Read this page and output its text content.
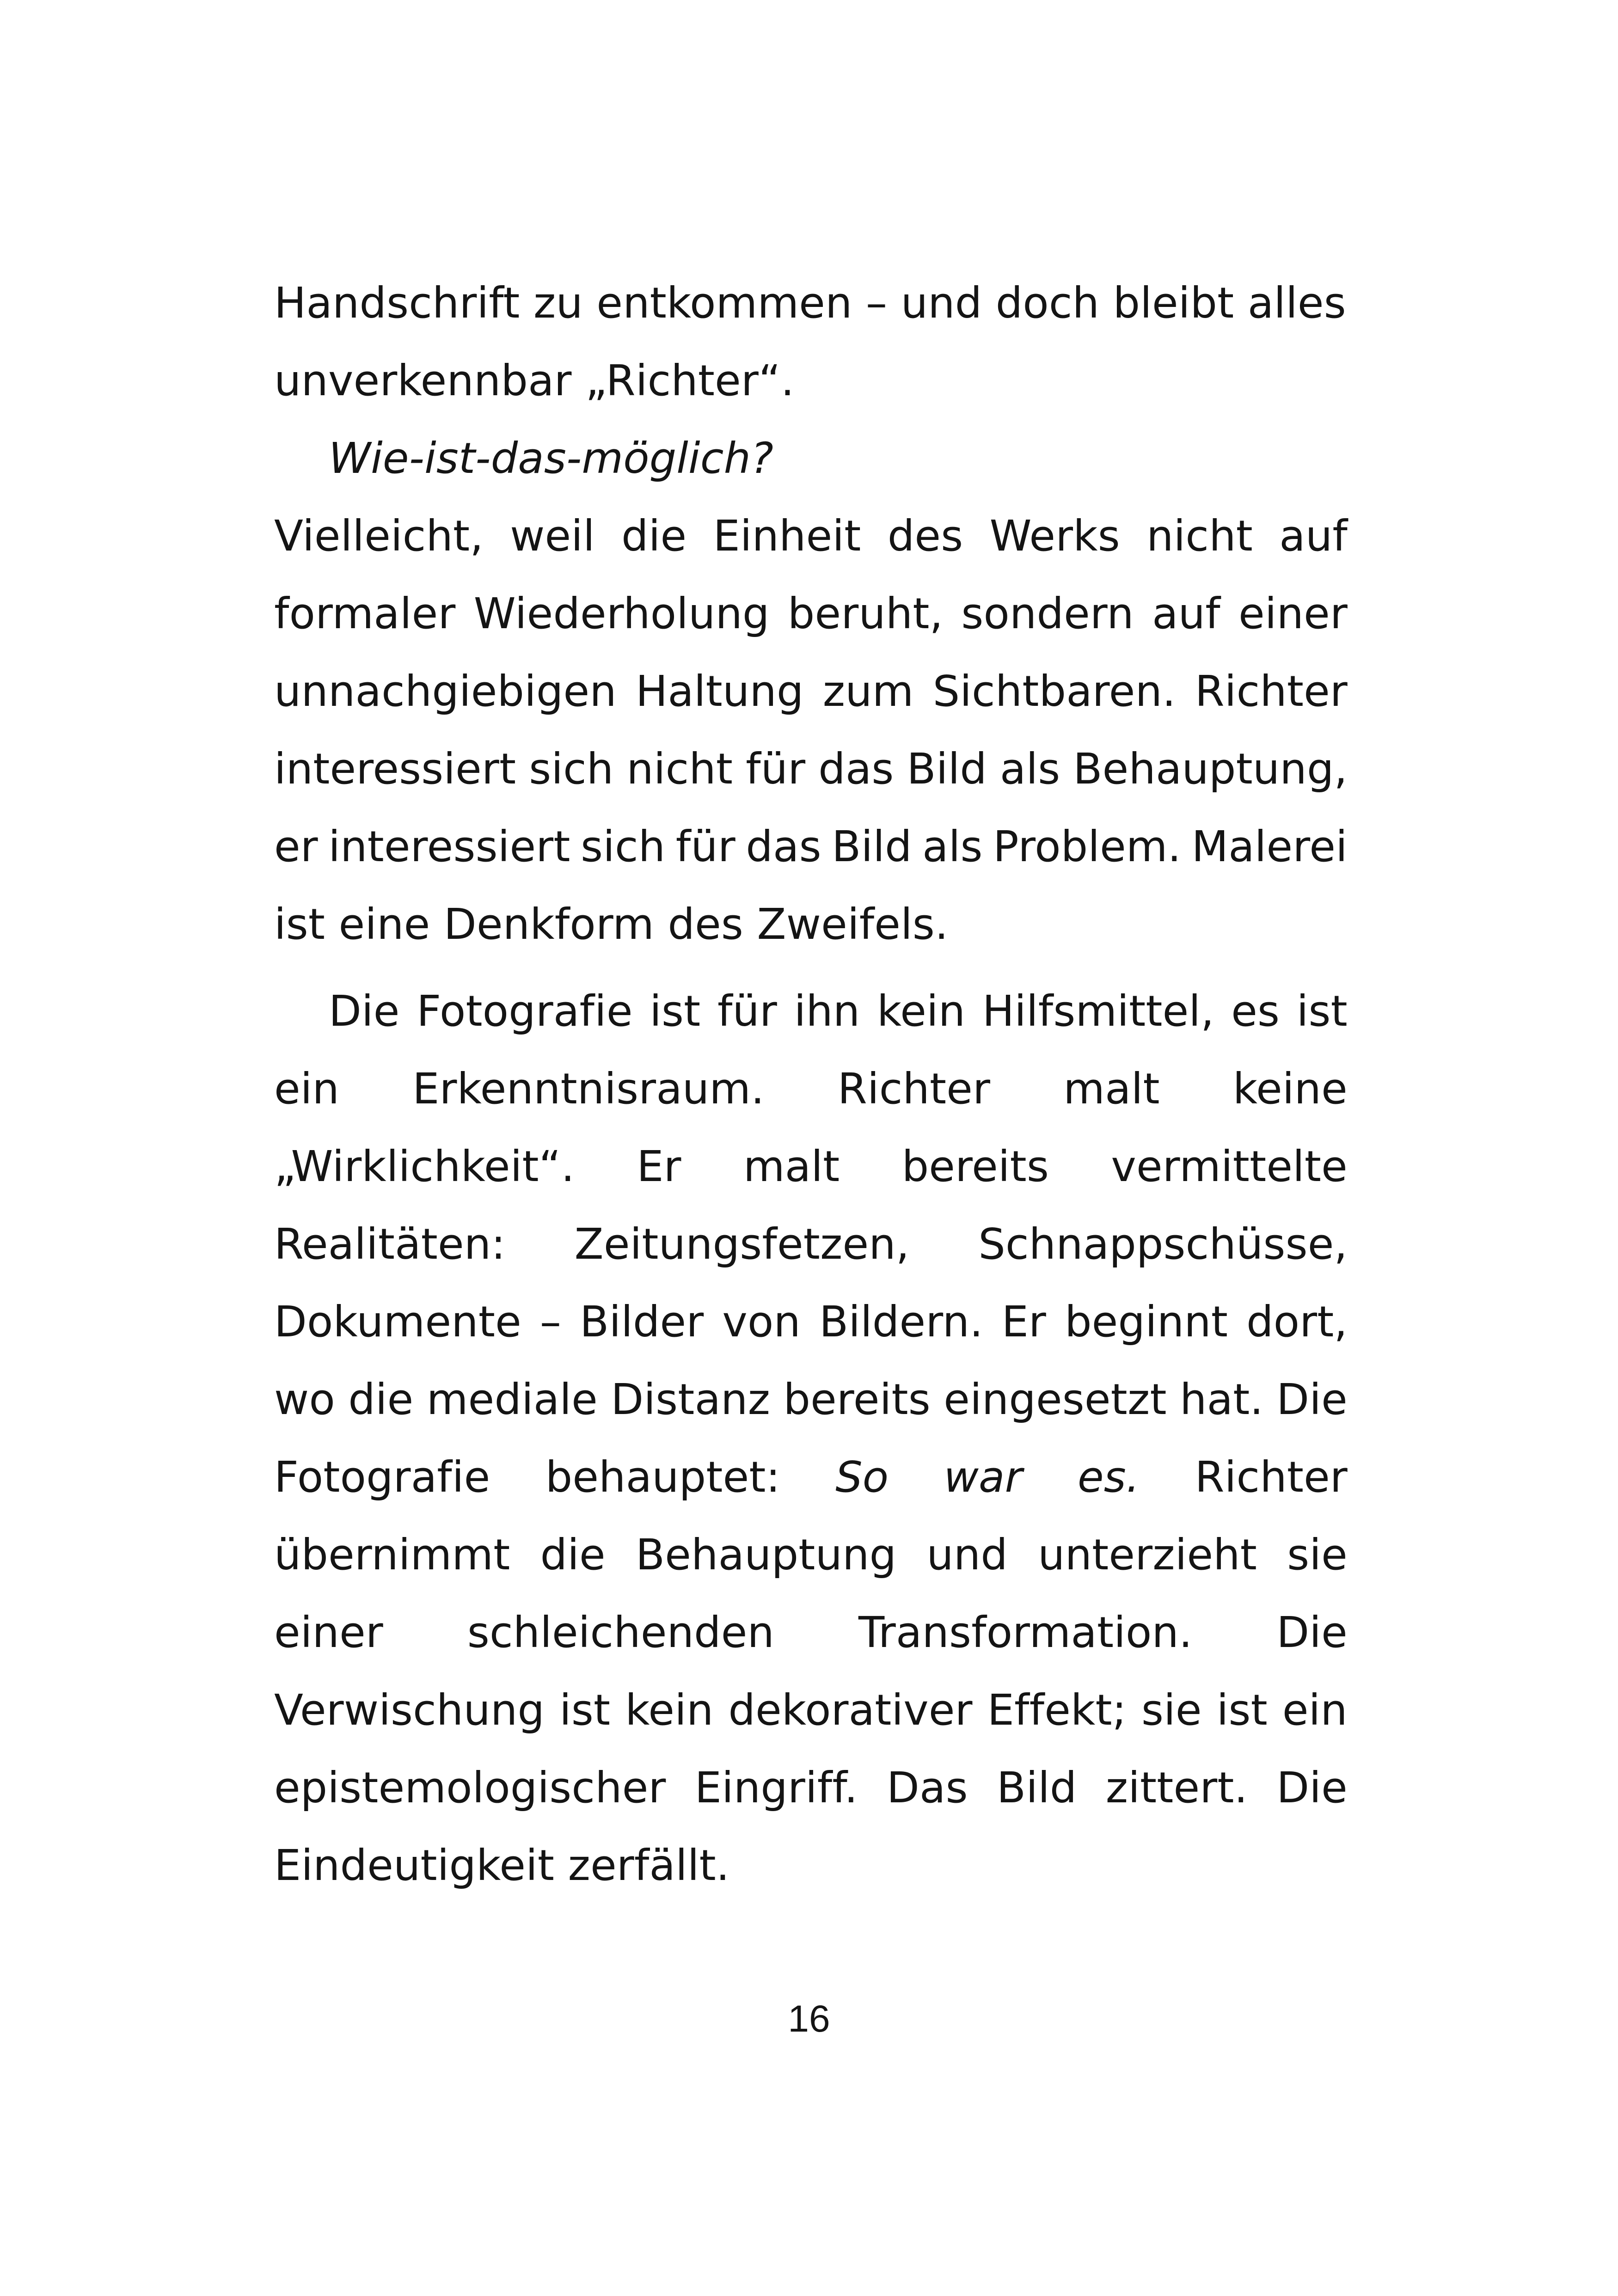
Handschrift zu entkommen – und doch bleibt alles
unverkennbar „Richter“.
Wie-ist-das-möglich?
Vielleicht, weil die Einheit des Werks nicht auf
formaler Wiederholung beruht, sondern auf einer
unnachgiebigen Haltung zum Sichtbaren. Richter
interessiert sich nicht für das Bild als Behauptung,
er interessiert sich für das Bild als Problem. Malerei
ist eine Denkform des Zweifels.
Die Fotografie ist für ihn kein Hilfsmittel, es ist
ein Erkenntnisraum. Richter malt keine
„Wirklichkeit“. Er malt bereits vermittelte
Realitäten: Zeitungsfetzen, Schnappschüsse,
Dokumente – Bilder von Bildern. Er beginnt dort,
wo die mediale Distanz bereits eingesetzt hat. Die
Fotografie behauptet: So war es. Richter
übernimmt die Behauptung und unterzieht sie
einer schleichenden Transformation. Die
Verwischung ist kein dekorativer Effekt; sie ist ein
epistemologischer Eingriff. Das Bild zittert. Die
Eindeutigkeit zerfällt.
16
